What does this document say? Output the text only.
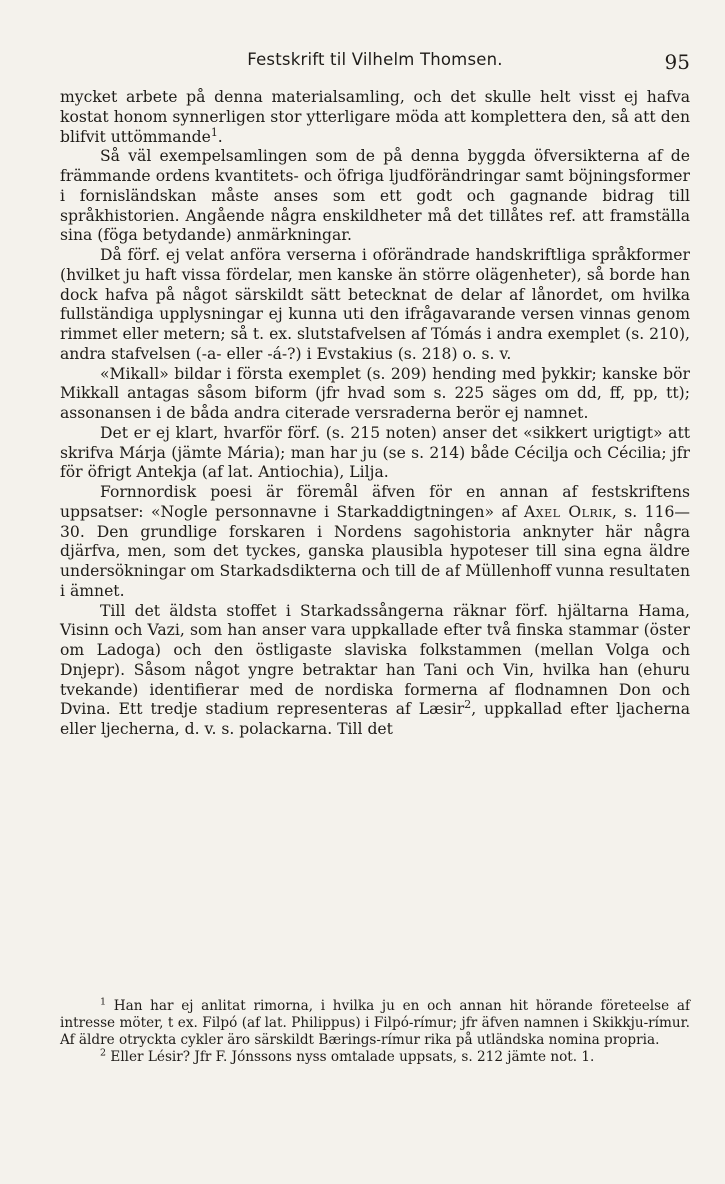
Festskrift til Vilhelm Thomsen.	95

mycket arbete på denna materialsamling, och det skulle helt visst ej hafva kostat honom synnerligen stor ytterligare möda att komplettera den, så att den blifvit uttömmande$^1$.

Så väl exempelsamlingen som de på denna byggda öfversikterna af de främmande ordens kvantitets- och öfriga ljudförändringar samt böjningsformer i fornisländskan måste anses som ett godt och gagnande bidrag till språkhistorien. Angående några enskildheter må det tillåtes ref. att framställa sina (föga betydande) anmärkningar.

Då förf. ej velat anföra verserna i oförändrade handskriftliga språkformer (hvilket ju haft vissa fördelar, men kanske än större olägenheter), så borde han dock hafva på något särskildt sätt betecknat de delar af lånordet, om hvilka fullständiga upplysningar ej kunna uti den ifrågavarande versen vinnas genom rimmet eller metern; så t. ex. slutstafvelsen af Tómás i andra exemplet (s. 210), andra stafvelsen (-a- eller -á-?) i Evstakius (s. 218) o. s. v.

«Mikall» bildar i första exemplet (s. 209) hending med þykkir; kanske bör Mikkall antagas såsom biform (jfr hvad som s. 225 säges om dd, ff, pp, tt); assonansen i de båda andra citerade versraderna berör ej namnet.

Det er ej klart, hvarför förf. (s. 215 noten) anser det «sikkert urigtigt» att skrifva Márja (jämte Mária); man har ju (se s. 214) både Cécilja och Cécilia; jfr för öfrigt Antekja (af lat. Antiochia), Lilja.

Fornnordisk poesi är föremål äfven för en annan af festskriftens uppsatser: «Nogle personnavne i Starkaddigtningen» af Axel Olrik, s. 116—30. Den grundlige forskaren i Nordens sagohistoria anknyter här några djärfva, men, som det tyckes, ganska plausibla hypoteser till sina egna äldre undersökningar om Starkadsdikterna och till de af Müllenhoff vunna resultaten i ämnet.

Till det äldsta stoffet i Starkadssångerna räknar förf. hjältarna Hama, Visinn och Vazi, som han anser vara uppkallade efter två finska stammar (öster om Ladoga) och den östligaste slaviska folkstammen (mellan Volga och Dnjepr). Såsom något yngre betraktar han Tani och Vin, hvilka han (ehuru tvekande) identifierar med de nordiska formerna af flodnamnen Don och Dvina. Ett tredje stadium representeras af Læsir$^2$, uppkallad efter ljacherna eller ljecherna, d. v. s. polackarna. Till det

$^1$ Han har ej anlitat rimorna, i hvilka ju en och annan hit hörande företeelse af intresse möter, t ex. Filpó (af lat. Philippus) i Filpó-rímur; jfr äfven namnen i Skikkju-rímur. Af äldre otryckta cykler äro särskildt Bærings-rímur rika på utländska nomina propria.

$^2$ Eller Lésir? Jfr F. Jónssons nyss omtalade uppsats, s. 212 jämte not. 1.
